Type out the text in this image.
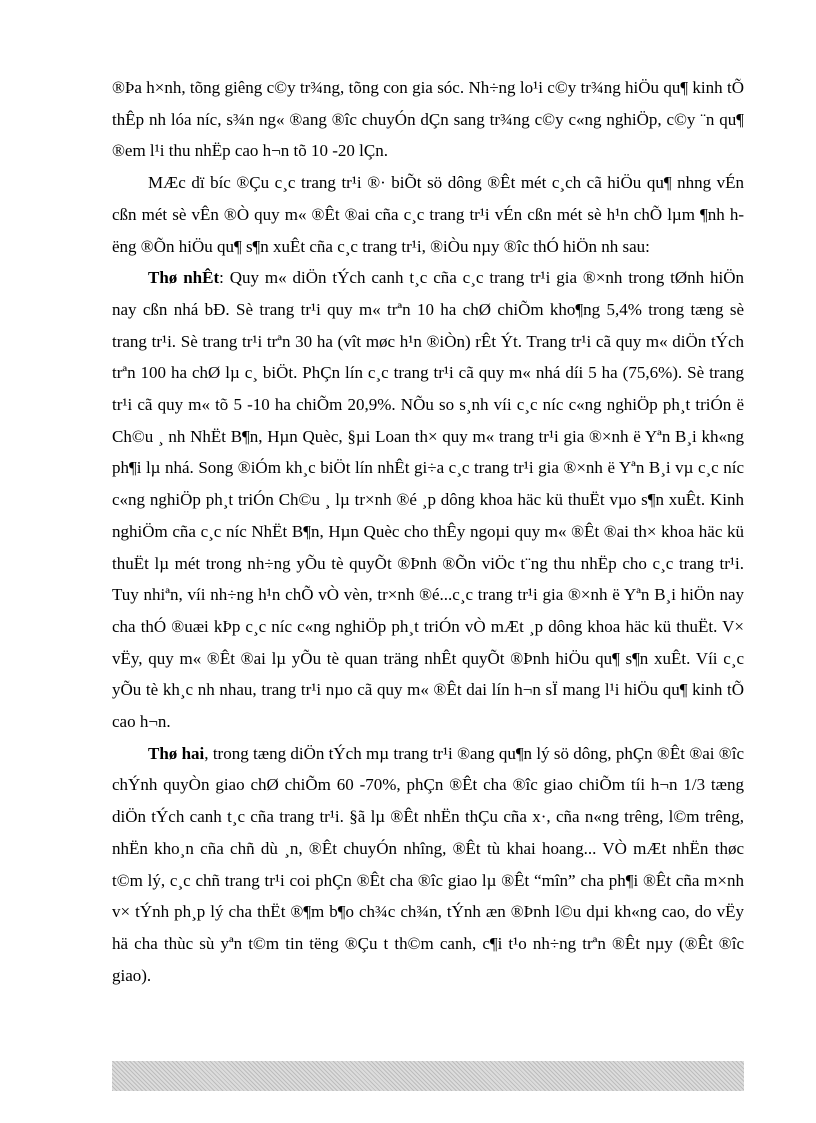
®Þa h×nh, tõng giêng c©y tr¾ng, tõng con gia sóc. Nh÷ng lo¹i c©y tr¾ng hiÖu qu¶ kinh tÕ thÊp nh lóa níc, s¾n ng« ®ang ®îc chuyÓn dÇn sang tr¾ng c©y c«ng nghiÖp, c©y ¨n qu¶ ®em l¹i thu nhËp cao h¬n tõ 10 -20 lÇn.

MÆc dï bíc ®Çu c¸c trang tr¹i ®· biÕt sö dông ®Êt mét c¸ch cã hiÖu qu¶ nhng vÉn cßn mét sè vÊn ®Ò quy m« ®Êt ®ai cña c¸c trang tr¹i vÉn cßn mét sè h¹n chÕ lµm ¶nh hëng ®Õn hiÖu qu¶ s¶n xuÊt cña c¸c trang tr¹i, ®iÒu nµy ®îc thÓ hiÖn nh sau:

Thø nhÊt: Quy m« diÖn tÝch canh t¸c cña c¸c trang tr¹i gia ®×nh trong tØnh hiÖn nay cßn nhá bÐ. Sè trang tr¹i quy m« trªn 10 ha chØ chiÕm kho¶ng 5,4% trong tæng sè trang tr¹i. Sè trang tr¹i trªn 30 ha (vît møc h¹n ®iÒn) rÊt Ýt. Trang tr¹i cã quy m« diÖn tÝch trªn 100 ha chØ lµ c¸ biÖt. PhÇn lín c¸c trang tr¹i cã quy m« nhá díi 5 ha (75,6%). Sè trang tr¹i cã quy m« tõ 5 -10 ha chiÕm 20,9%. NÕu so s¸nh víi c¸c níc c«ng nghiÖp ph¸t triÓn ë Ch©u ¸ nh NhËt B¶n, Hµn Quèc, §µi Loan th× quy m« trang tr¹i gia ®×nh ë Yªn B¸i kh«ng ph¶i lµ nhá. Song ®iÓm kh¸c biÖt lín nhÊt gi÷a c¸c trang tr¹i gia ®×nh ë Yªn B¸i vµ c¸c níc c«ng nghiÖp ph¸t triÓn Ch©u ¸ lµ tr×nh ®é ¸p dông khoa häc kü thuËt vµo s¶n xuÊt. Kinh nghiÖm cña c¸c níc NhËt B¶n, Hµn Quèc cho thÊy ngoµi quy m« ®Êt ®ai th× khoa häc kü thuËt lµ mét trong nh÷ng yÕu tè quyÕt ®Þnh ®Õn viÖc t¨ng thu nhËp cho c¸c trang tr¹i. Tuy nhiªn, víi nh÷ng h¹n chÕ vÒ vèn, tr×nh ®é...c¸c trang tr¹i gia ®×nh ë Yªn B¸i hiÖn nay cha thÓ ®uæi kÞp c¸c níc c«ng nghiÖp ph¸t triÓn vÒ mÆt ¸p dông khoa häc kü thuËt. V× vËy, quy m« ®Êt ®ai lµ yÕu tè quan träng nhÊt quyÕt ®Þnh hiÖu qu¶ s¶n xuÊt. Víi c¸c yÕu tè kh¸c nh nhau, trang tr¹i nµo cã quy m« ®Êt dai lín h¬n sÏ mang l¹i hiÖu qu¶ kinh tÕ cao h¬n.

Thø hai, trong tæng diÖn tÝch mµ trang tr¹i ®ang qu¶n lý sö dông, phÇn ®Êt ®ai ®îc chÝnh quyÒn giao chØ chiÕm 60 -70%, phÇn ®Êt cha ®îc giao chiÕm tíi h¬n 1/3 tæng diÖn tÝch canh t¸c cña trang tr¹i. §ã lµ ®Êt nhËn thÇu cña x·, cña n«ng trêng, l©m trêng, nhËn kho¸n cña chñ dù ¸n, ®Êt chuyÓn nhîng, ®Êt tù khai hoang... VÒ mÆt nhËn thøc t©m lý, c¸c chñ trang tr¹i coi phÇn ®Êt cha ®îc giao lµ ®Êt “mîn” cha ph¶i ®Êt cña m×nh v× tÝnh ph¸p lý cha thËt ®¶m b¶o ch¾c ch¾n, tÝnh æn ®Þnh l©u dµi kh«ng cao, do vËy hä cha thùc sù yªn t©m tin tëng ®Çu t th©m canh, c¶i t¹o nh÷ng trªn ®Êt nµy (®Êt ®îc giao).
